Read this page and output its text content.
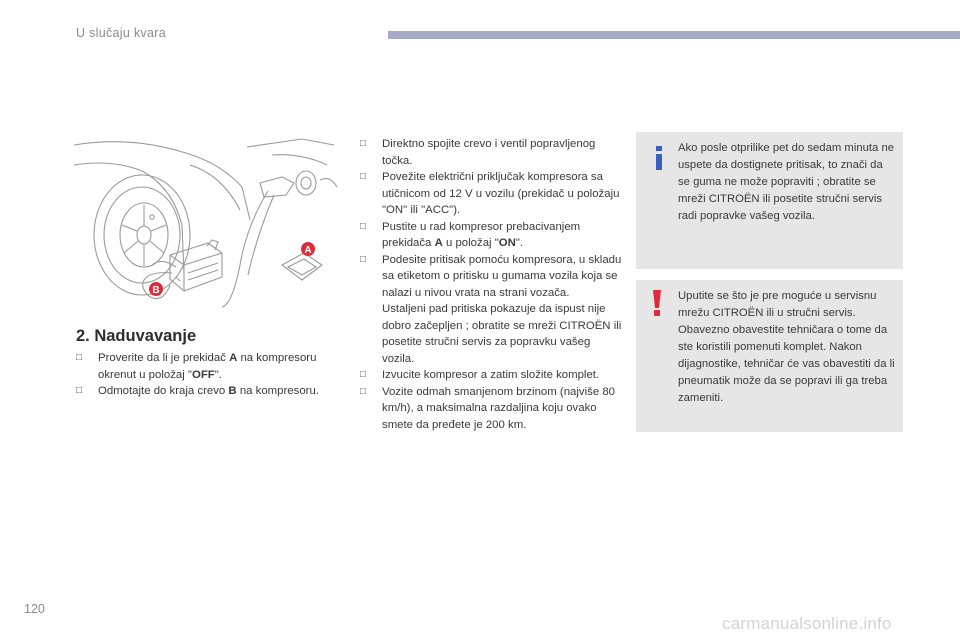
U slučaju kvara
A
B
2. Naduvavanje
□	Proverite da li je prekidač A na kompresoru okrenut u položaj "OFF".
□	Odmotajte do kraja crevo B na kompresoru.
□	Direktno spojite crevo i ventil popravljenog točka.
□	Povežite električni priključak kompresora sa utičnicom od 12 V u vozilu (prekidač u položaju "ON" ili "ACC").
□	Pustite u rad kompresor prebacivanjem prekidača A u položaj "ON".
□	Podesite pritisak pomoću kompresora, u skladu sa etiketom o pritisku u gumama vozila koja se nalazi u nivou vrata na strani vozača.
Ustaljeni pad pritiska pokazuje da ispust nije dobro začepljen ; obratite se mreži CITROËN ili posetite stručni servis za popravku vašeg vozila.
□	Izvucite kompresor a zatim složite komplet.
□	Vozite odmah smanjenom brzinom (najviše 80 km/h), a maksimalna razdaljina koju ovako smete da pređete je 200 km.
Ako posle otprilike pet do sedam minuta ne uspete da dostignete pritisak, to znači da se guma ne može popraviti ; obratite se mreži CITROËN ili posetite stručni servis radi popravke vašeg vozila.
Uputite se što je pre moguće u servisnu mrežu CITROËN ili u stručni servis. Obavezno obavestite tehničara o tome da ste koristili pomenuti komplet. Nakon dijagnostike, tehničar će vas obavestiti da li pneumatik može da se popravi ili ga treba zameniti.
120
carmanualsonline.info
